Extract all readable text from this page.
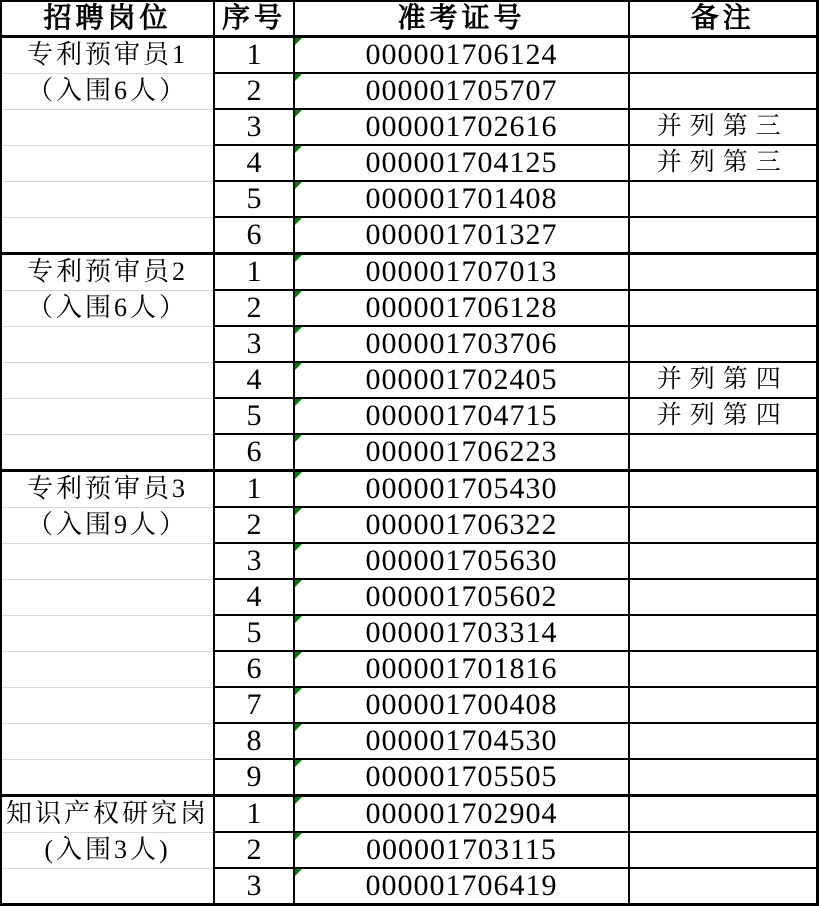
招聘岗位	序号	准考证号	备注
专利预审员1	1	000001706124	
（入围6人）	2	000001705707	
	3	000001702616	并列第三
	4	000001704125	并列第三
	5	000001701408	
	6	000001701327	
专利预审员2	1	000001707013	
（入围6人）	2	000001706128	
	3	000001703706	
	4	000001702405	并列第四
	5	000001704715	并列第四
	6	000001706223	
专利预审员3	1	000001705430	
（入围9人）	2	000001706322	
	3	000001705630	
	4	000001705602	
	5	000001703314	
	6	000001701816	
	7	000001700408	
	8	000001704530	
	9	000001705505	
知识产权研究岗	1	000001702904	
(入围3人)	2	000001703115	
	3	000001706419	
